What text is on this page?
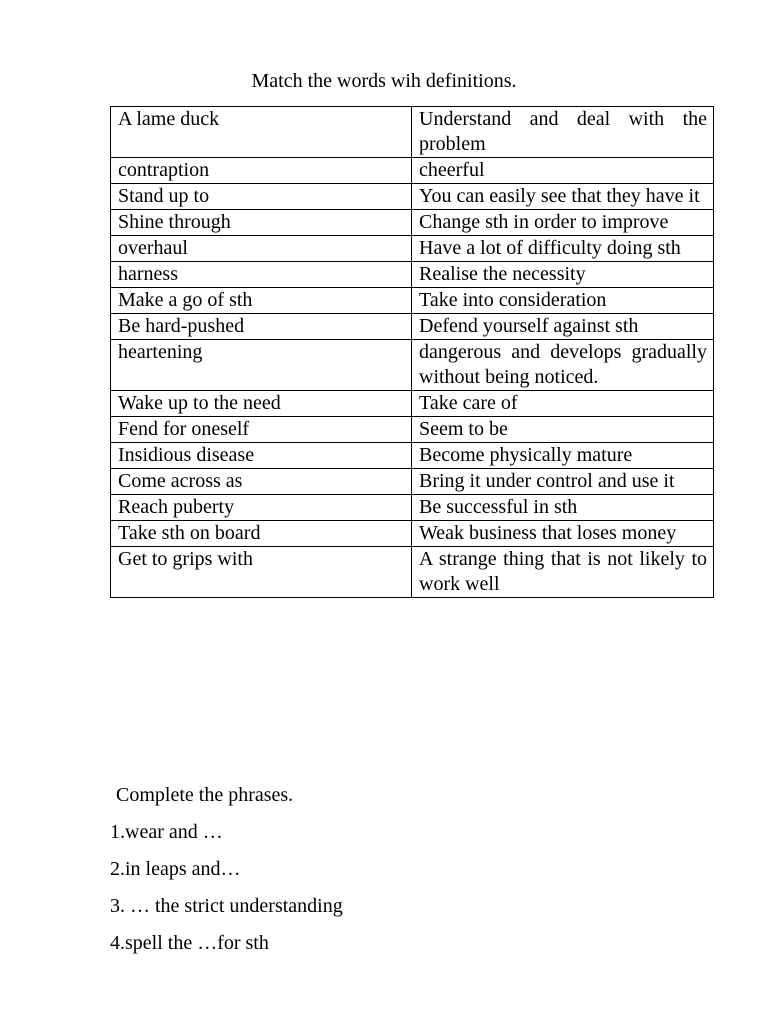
Match the words wih definitions.
A lame duck	Understand and deal with the problem
contraption	cheerful
Stand up to	You can easily see that they have it
Shine through	Change sth in order to improve
overhaul	Have a lot of difficulty doing sth
harness	Realise the necessity
Make a go of sth	Take into consideration
Be hard-pushed	Defend yourself against sth
heartening	dangerous and develops gradually without being noticed.
Wake up to the need	Take care of
Fend for oneself	Seem to be
Insidious disease	Become physically mature
Come across as	Bring it under control and use it
Reach puberty	Be successful in sth
Take sth on board	Weak business that loses money
Get to grips with	A strange thing that is not likely to work well
Complete the phrases.
1.wear and …
2.in leaps and…
3. … the strict understanding
4.spell the …for sth
